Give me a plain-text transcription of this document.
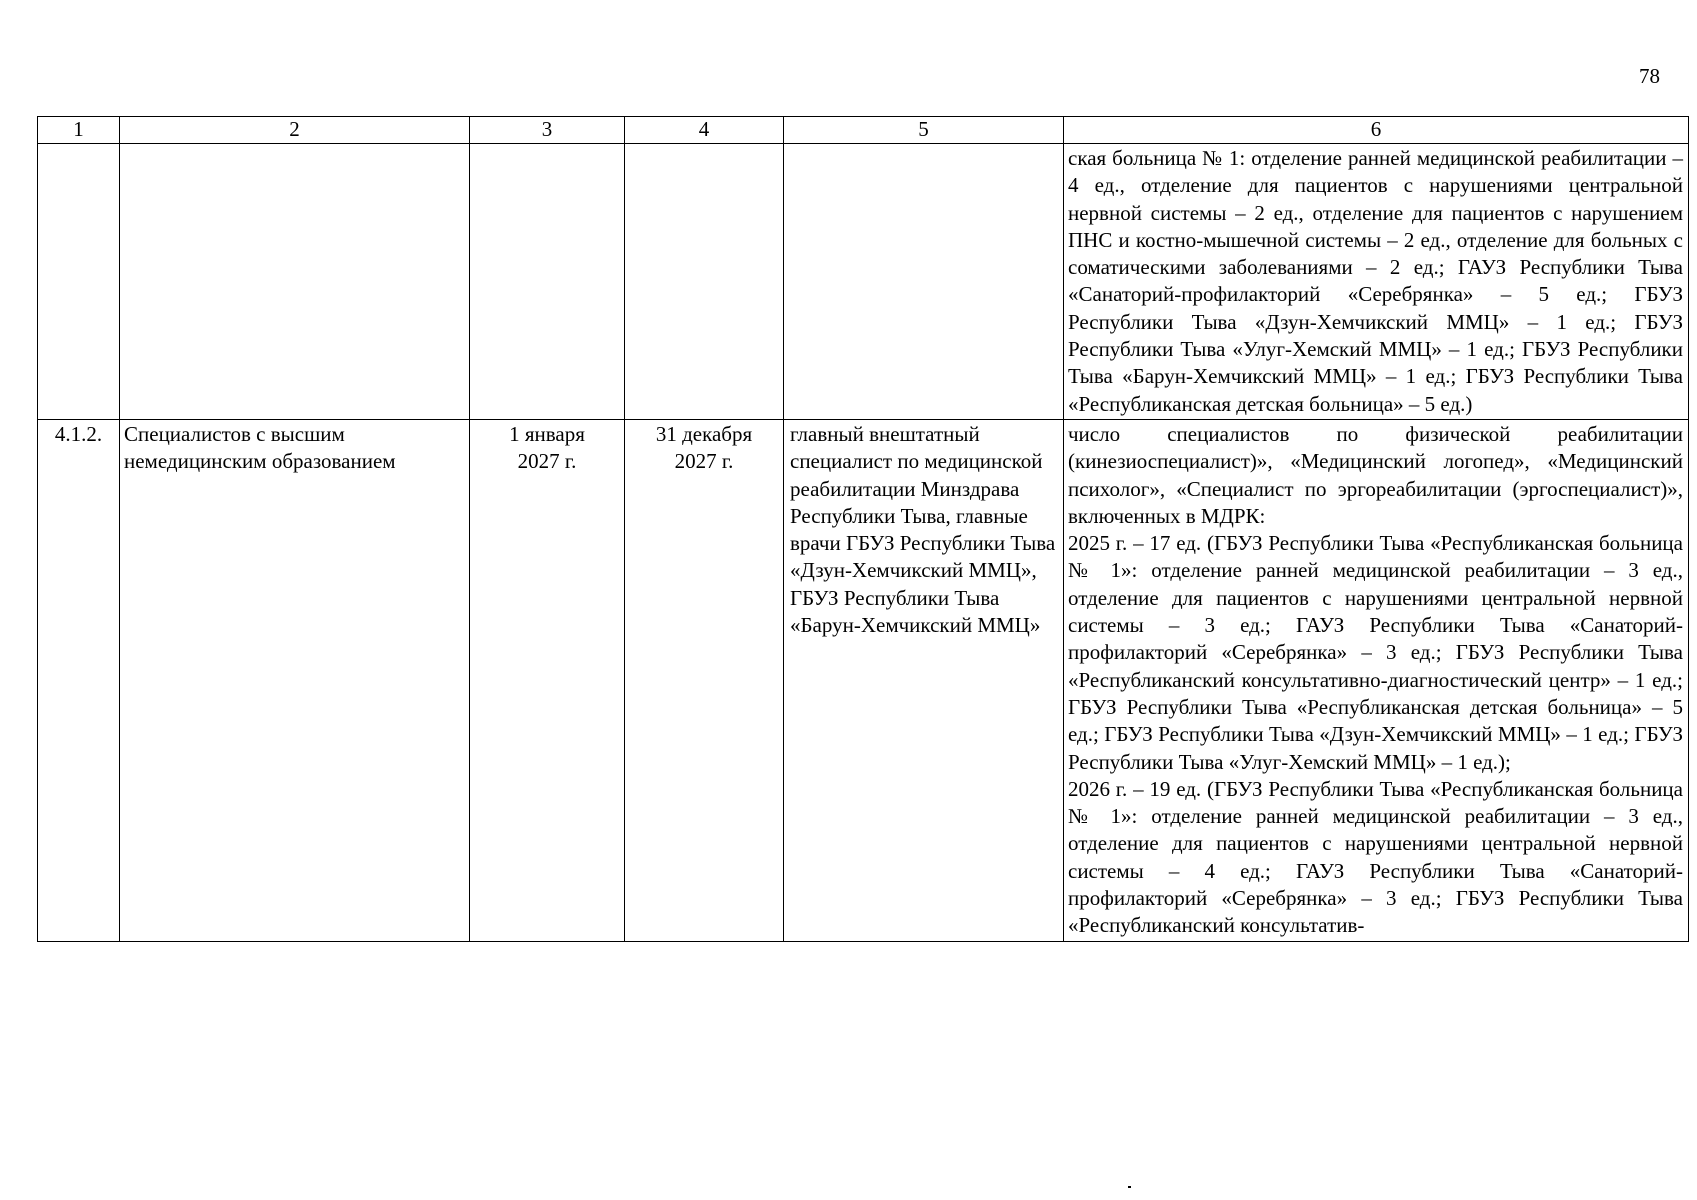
78
1	2	3	4	5	6
					ская больница № 1: отделение ранней медицинской реабилитации – 4 ед., отделение для пациентов с нарушениями центральной нервной системы – 2 ед., отделение для пациентов с нарушением ПНС и костно-мышечной системы – 2 ед., отделение для больных с соматическими заболеваниями – 2 ед.; ГАУЗ Республики Тыва «Санаторий-профилакторий «Серебрянка» – 5 ед.; ГБУЗ Республики Тыва «Дзун-Хемчикский ММЦ» – 1 ед.; ГБУЗ Республики Тыва «Улуг-Хемский ММЦ» – 1 ед.; ГБУЗ Республики Тыва «Барун-Хемчикский ММЦ» – 1 ед.; ГБУЗ Республики Тыва «Республиканская детская больница» – 5 ед.)
4.1.2.	Специалистов с высшим немедицинским образованием	1 января 2027 г.	31 декабря 2027 г.	главный внештатный специалист по медицинской реабилитации Минздрава Республики Тыва, главные врачи ГБУЗ Республики Тыва «Дзун-Хемчикский ММЦ», ГБУЗ Республики Тыва «Барун-Хемчикский ММЦ»	число специалистов по физической реабилитации (кинезиоспециалист)», «Медицинский логопед», «Медицинский психолог», «Специалист по эргореабилитации (эргоспециалист)», включенных в МДРК:
2025 г. – 17 ед. (ГБУЗ Республики Тыва «Республиканская больница № 1»: отделение ранней медицинской реабилитации – 3 ед., отделение для пациентов с нарушениями центральной нервной системы – 3 ед.; ГАУЗ Республики Тыва «Санаторий-профилакторий «Серебрянка» – 3 ед.; ГБУЗ Республики Тыва «Республиканский консультативно-диагностический центр» – 1 ед.; ГБУЗ Республики Тыва «Республиканская детская больница» – 5 ед.; ГБУЗ Республики Тыва «Дзун-Хемчикский ММЦ» – 1 ед.; ГБУЗ Республики Тыва «Улуг-Хемский ММЦ» – 1 ед.);
2026 г. – 19 ед. (ГБУЗ Республики Тыва «Республиканская больница № 1»: отделение ранней медицинской реабилитации – 3 ед., отделение для пациентов с нарушениями центральной нервной системы – 4 ед.; ГАУЗ Республики Тыва «Санаторий-профилакторий «Серебрянка» – 3 ед.; ГБУЗ Республики Тыва «Республиканский консультатив-
